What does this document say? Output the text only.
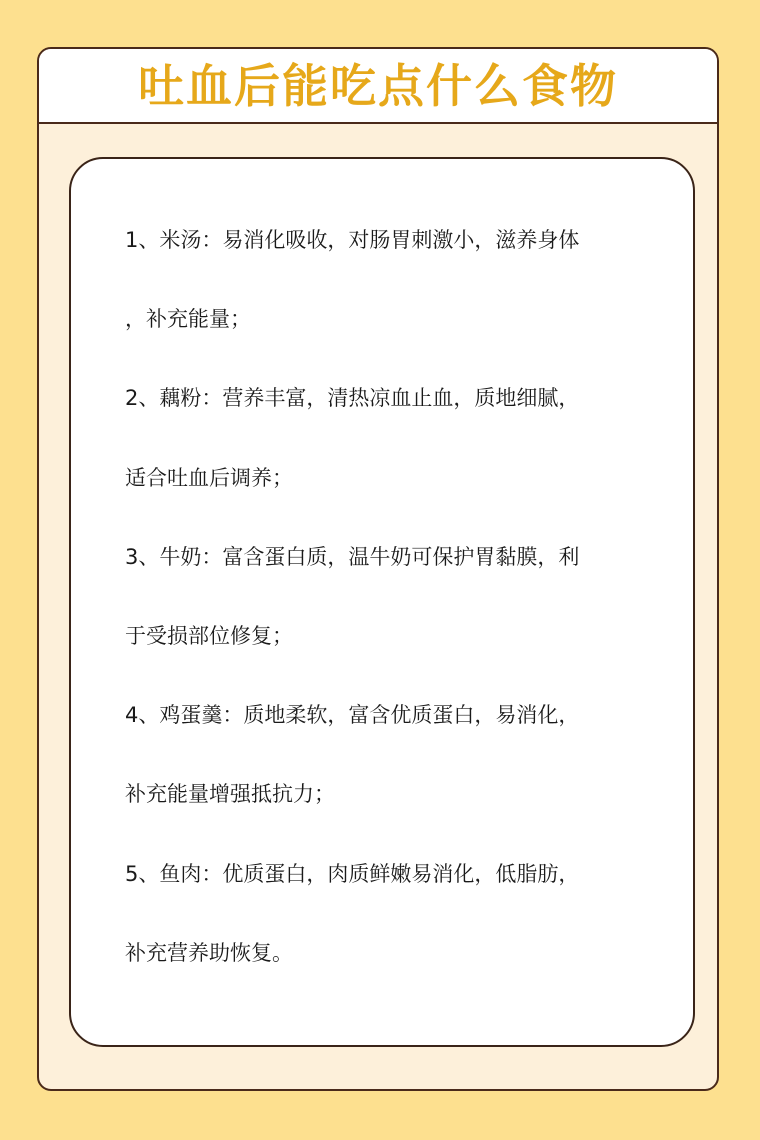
吐血后能吃点什么食物
1、米汤：易消化吸收，对肠胃刺激小，滋养身体
，补充能量；
2、藕粉：营养丰富，清热凉血止血，质地细腻，
适合吐血后调养；
3、牛奶：富含蛋白质，温牛奶可保护胃黏膜，利
于受损部位修复；
4、鸡蛋羹：质地柔软，富含优质蛋白，易消化，
补充能量增强抵抗力；
5、鱼肉：优质蛋白，肉质鲜嫩易消化，低脂肪，
补充营养助恢复。
